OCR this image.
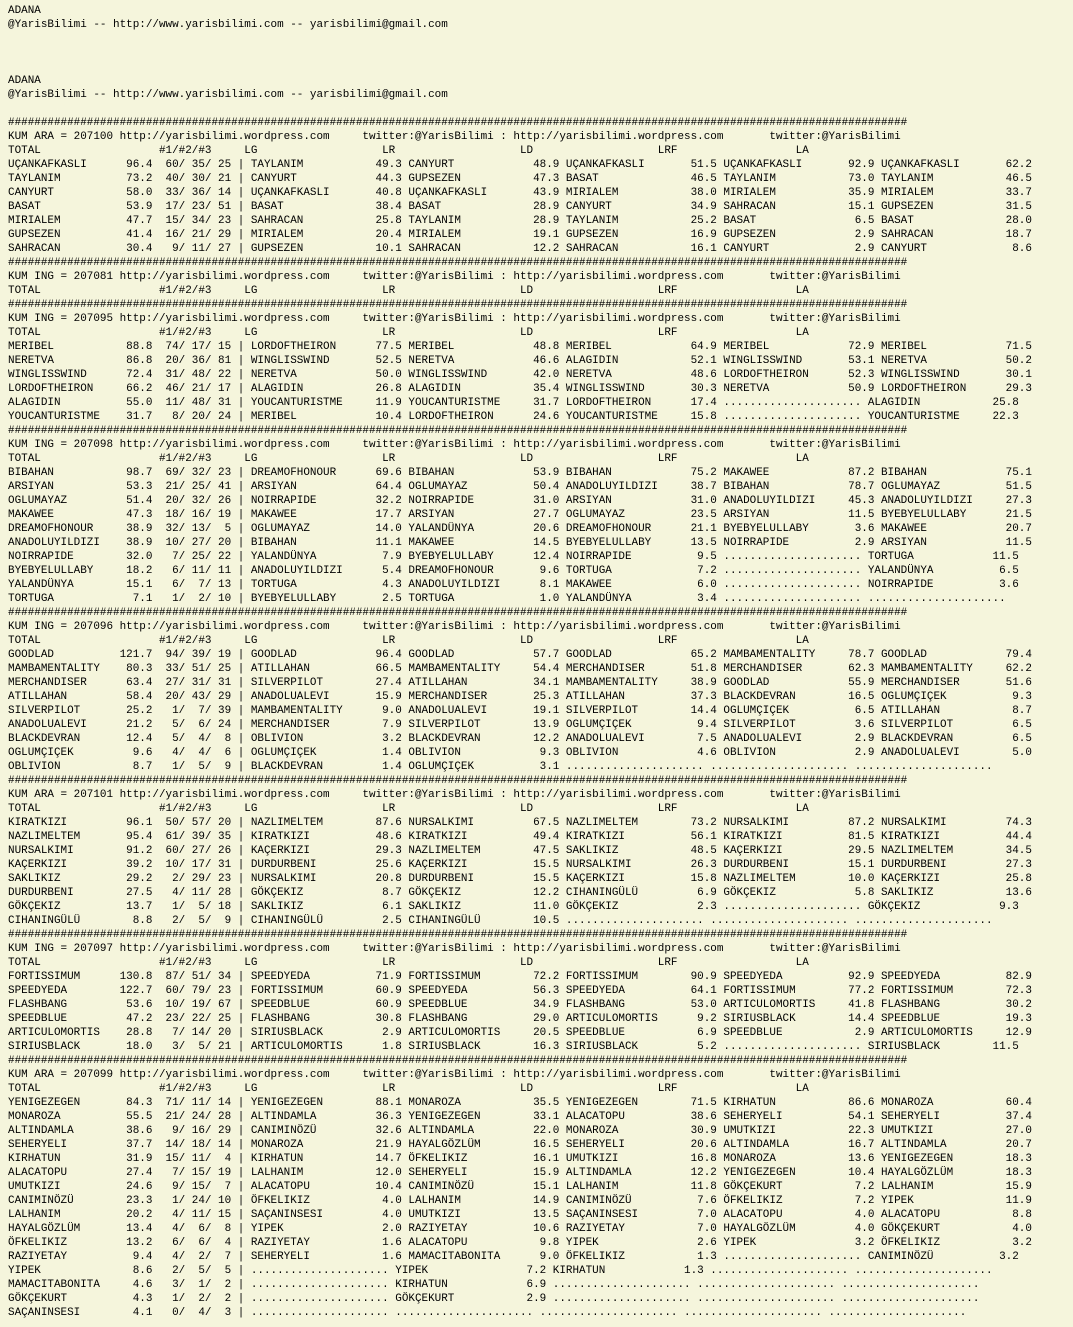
ADANA
@YarisBilimi -- http://www.yarisbilimi.com -- yarisbilimi@gmail.com

ADANA
@YarisBilimi -- http://www.yarisbilimi.com -- yarisbilimi@gmail.com

#########################################################################################################################################
KUM ARA = 207100 http://yarisbilimi.wordpress.com     twitter:@YarisBilimi : http://yarisbilimi.wordpress.com       twitter:@YarisBilimi
TOTAL                  #1/#2/#3     LG                   LR                   LD                   LRF                  LA
UÇANKAFKASLI      96.4  60/ 35/ 25 | TAYLANIM           49.3 CANYURT            48.9 UÇANKAFKASLI       51.5 UÇANKAFKASLI       92.9 UÇANKAFKASLI       62.2
TAYLANIM          73.2  40/ 30/ 21 | CANYURT            44.3 GUPSEZEN           47.3 BASAT              46.5 TAYLANIM           73.0 TAYLANIM           46.5
CANYURT           58.0  33/ 36/ 14 | UÇANKAFKASLI       40.8 UÇANKAFKASLI       43.9 MIRIALEM           38.0 MIRIALEM           35.9 MIRIALEM           33.7
BASAT             53.9  17/ 23/ 51 | BASAT              38.4 BASAT              28.9 CANYURT            34.9 SAHRACAN           15.1 GUPSEZEN           31.5
MIRIALEM          47.7  15/ 34/ 23 | SAHRACAN           25.8 TAYLANIM           28.9 TAYLANIM           25.2 BASAT               6.5 BASAT              28.0
GUPSEZEN          41.4  16/ 21/ 29 | MIRIALEM           20.4 MIRIALEM           19.1 GUPSEZEN           16.9 GUPSEZEN            2.9 SAHRACAN           18.7
SAHRACAN          30.4   9/ 11/ 27 | GUPSEZEN           10.1 SAHRACAN           12.2 SAHRACAN           16.1 CANYURT             2.9 CANYURT             8.6
#########################################################################################################################################
KUM ING = 207081 http://yarisbilimi.wordpress.com     twitter:@YarisBilimi : http://yarisbilimi.wordpress.com       twitter:@YarisBilimi
TOTAL                  #1/#2/#3     LG                   LR                   LD                   LRF                  LA
#########################################################################################################################################
KUM ING = 207095 http://yarisbilimi.wordpress.com     twitter:@YarisBilimi : http://yarisbilimi.wordpress.com       twitter:@YarisBilimi
TOTAL                  #1/#2/#3     LG                   LR                   LD                   LRF                  LA
MERIBEL           88.8  74/ 17/ 15 | LORDOFTHEIRON      77.5 MERIBEL            48.8 MERIBEL            64.9 MERIBEL            72.9 MERIBEL            71.5
NERETVA           86.8  20/ 36/ 81 | WINGLISSWIND       52.5 NERETVA            46.6 ALAGIDIN           52.1 WINGLISSWIND       53.1 NERETVA            50.2
WINGLISSWIND      72.4  31/ 48/ 22 | NERETVA            50.0 WINGLISSWIND       42.0 NERETVA            48.6 LORDOFTHEIRON      52.3 WINGLISSWIND       30.1
LORDOFTHEIRON     66.2  46/ 21/ 17 | ALAGIDIN           26.8 ALAGIDIN           35.4 WINGLISSWIND       30.3 NERETVA            50.9 LORDOFTHEIRON      29.3
ALAGIDIN          55.0  11/ 48/ 31 | YOUCANTURISTME     11.9 YOUCANTURISTME     31.7 LORDOFTHEIRON      17.4 ..................... ALAGIDIN           25.8
YOUCANTURISTME    31.7   8/ 20/ 24 | MERIBEL            10.4 LORDOFTHEIRON      24.6 YOUCANTURISTME     15.8 ..................... YOUCANTURISTME     22.3
#########################################################################################################################################
KUM ING = 207098 http://yarisbilimi.wordpress.com     twitter:@YarisBilimi : http://yarisbilimi.wordpress.com       twitter:@YarisBilimi
TOTAL                  #1/#2/#3     LG                   LR                   LD                   LRF                  LA
BIBAHAN           98.7  69/ 32/ 23 | DREAMOFHONOUR      69.6 BIBAHAN            53.9 BIBAHAN            75.2 MAKAWEE            87.2 BIBAHAN            75.1
ARSIYAN           53.3  21/ 25/ 41 | ARSIYAN            64.4 OGLUMAYAZ          50.4 ANADOLUYILDIZI     38.7 BIBAHAN            78.7 OGLUMAYAZ          51.5
OGLUMAYAZ         51.4  20/ 32/ 26 | NOIRRAPIDE         32.2 NOIRRAPIDE         31.0 ARSIYAN            31.0 ANADOLUYILDIZI     45.3 ANADOLUYILDIZI     27.3
MAKAWEE           47.3  18/ 16/ 19 | MAKAWEE            17.7 ARSIYAN            27.7 OGLUMAYAZ          23.5 ARSIYAN            11.5 BYEBYELULLABY      21.5
DREAMOFHONOUR     38.9  32/ 13/  5 | OGLUMAYAZ          14.0 YALANDÜNYA         20.6 DREAMOFHONOUR      21.1 BYEBYELULLABY       3.6 MAKAWEE            20.7
ANADOLUYILDIZI    38.9  10/ 27/ 20 | BIBAHAN            11.1 MAKAWEE            14.5 BYEBYELULLABY      13.5 NOIRRAPIDE          2.9 ARSIYAN            11.5
NOIRRAPIDE        32.0   7/ 25/ 22 | YALANDÜNYA          7.9 BYEBYELULLABY      12.4 NOIRRAPIDE          9.5 ..................... TORTUGA            11.5
BYEBYELULLABY     18.2   6/ 11/ 11 | ANADOLUYILDIZI      5.4 DREAMOFHONOUR       9.6 TORTUGA             7.2 ..................... YALANDÜNYA          6.5
YALANDÜNYA        15.1   6/  7/ 13 | TORTUGA             4.3 ANADOLUYILDIZI      8.1 MAKAWEE             6.0 ..................... NOIRRAPIDE          3.6
TORTUGA            7.1   1/  2/ 10 | BYEBYELULLABY       2.5 TORTUGA             1.0 YALANDÜNYA          3.4 ..................... .....................
#########################################################################################################################################
KUM ING = 207096 http://yarisbilimi.wordpress.com     twitter:@YarisBilimi : http://yarisbilimi.wordpress.com       twitter:@YarisBilimi
TOTAL                  #1/#2/#3     LG                   LR                   LD                   LRF                  LA
GOODLAD          121.7  94/ 39/ 19 | GOODLAD            96.4 GOODLAD            57.7 GOODLAD            65.2 MAMBAMENTALITY     78.7 GOODLAD            79.4
MAMBAMENTALITY    80.3  33/ 51/ 25 | ATILLAHAN          66.5 MAMBAMENTALITY     54.4 MERCHANDISER       51.8 MERCHANDISER       62.3 MAMBAMENTALITY     62.2
MERCHANDISER      63.4  27/ 31/ 31 | SILVERPILOT        27.4 ATILLAHAN          34.1 MAMBAMENTALITY     38.9 GOODLAD            55.9 MERCHANDISER       51.6
ATILLAHAN         58.4  20/ 43/ 29 | ANADOLUALEVI       15.9 MERCHANDISER       25.3 ATILLAHAN          37.3 BLACKDEVRAN        16.5 OGLUMÇIÇEK          9.3
SILVERPILOT       25.2   1/  7/ 39 | MAMBAMENTALITY      9.0 ANADOLUALEVI       19.1 SILVERPILOT        14.4 OGLUMÇIÇEK          6.5 ATILLAHAN           8.7
ANADOLUALEVI      21.2   5/  6/ 24 | MERCHANDISER        7.9 SILVERPILOT        13.9 OGLUMÇIÇEK          9.4 SILVERPILOT         3.6 SILVERPILOT         6.5
BLACKDEVRAN       12.4   5/  4/  8 | OBLIVION            3.2 BLACKDEVRAN        12.2 ANADOLUALEVI        7.5 ANADOLUALEVI        2.9 BLACKDEVRAN         6.5
OGLUMÇIÇEK         9.6   4/  4/  6 | OGLUMÇIÇEK          1.4 OBLIVION            9.3 OBLIVION            4.6 OBLIVION            2.9 ANADOLUALEVI        5.0
OBLIVION           8.7   1/  5/  9 | BLACKDEVRAN         1.4 OGLUMÇIÇEK          3.1 ..................... ..................... .....................
#########################################################################################################################################
KUM ARA = 207101 http://yarisbilimi.wordpress.com     twitter:@YarisBilimi : http://yarisbilimi.wordpress.com       twitter:@YarisBilimi
TOTAL                  #1/#2/#3     LG                   LR                   LD                   LRF                  LA
KIRATKIZI         96.1  50/ 57/ 20 | NAZLIMELTEM        87.6 NURSALKIMI         67.5 NAZLIMELTEM        73.2 NURSALKIMI         87.2 NURSALKIMI         74.3
NAZLIMELTEM       95.4  61/ 39/ 35 | KIRATKIZI          48.6 KIRATKIZI          49.4 KIRATKIZI          56.1 KIRATKIZI          81.5 KIRATKIZI          44.4
NURSALKIMI        91.2  60/ 27/ 26 | KAÇERKIZI          29.3 NAZLIMELTEM        47.5 SAKLIKIZ           48.5 KAÇERKIZI          29.5 NAZLIMELTEM        34.5
KAÇERKIZI         39.2  10/ 17/ 31 | DURDURBENI         25.6 KAÇERKIZI          15.5 NURSALKIMI         26.3 DURDURBENI         15.1 DURDURBENI         27.3
SAKLIKIZ          29.2   2/ 29/ 23 | NURSALKIMI         20.8 DURDURBENI         15.5 KAÇERKIZI          15.8 NAZLIMELTEM        10.0 KAÇERKIZI          25.8
DURDURBENI        27.5   4/ 11/ 28 | GÖKÇEKIZ            8.7 GÖKÇEKIZ           12.2 CIHANINGÜLÜ         6.9 GÖKÇEKIZ            5.8 SAKLIKIZ           13.6
GÖKÇEKIZ          13.7   1/  5/ 18 | SAKLIKIZ            6.1 SAKLIKIZ           11.0 GÖKÇEKIZ            2.3 ..................... GÖKÇEKIZ            9.3
CIHANINGÜLÜ        8.8   2/  5/  9 | CIHANINGÜLÜ         2.5 CIHANINGÜLÜ        10.5 ..................... ..................... .....................
#########################################################################################################################################
KUM ING = 207097 http://yarisbilimi.wordpress.com     twitter:@YarisBilimi : http://yarisbilimi.wordpress.com       twitter:@YarisBilimi
TOTAL                  #1/#2/#3     LG                   LR                   LD                   LRF                  LA
FORTISSIMUM      130.8  87/ 51/ 34 | SPEEDYEDA          71.9 FORTISSIMUM        72.2 FORTISSIMUM        90.9 SPEEDYEDA          92.9 SPEEDYEDA          82.9
SPEEDYEDA        122.7  60/ 79/ 23 | FORTISSIMUM        60.9 SPEEDYEDA          56.3 SPEEDYEDA          64.1 FORTISSIMUM        77.2 FORTISSIMUM        72.3
FLASHBANG         53.6  10/ 19/ 67 | SPEEDBLUE          60.9 SPEEDBLUE          34.9 FLASHBANG          53.0 ARTICULOMORTIS     41.8 FLASHBANG          30.2
SPEEDBLUE         47.2  23/ 22/ 25 | FLASHBANG          30.8 FLASHBANG          29.0 ARTICULOMORTIS      9.2 SIRIUSBLACK        14.4 SPEEDBLUE          19.3
ARTICULOMORTIS    28.8   7/ 14/ 20 | SIRIUSBLACK         2.9 ARTICULOMORTIS     20.5 SPEEDBLUE           6.9 SPEEDBLUE           2.9 ARTICULOMORTIS     12.9
SIRIUSBLACK       18.0   3/  5/ 21 | ARTICULOMORTIS      1.8 SIRIUSBLACK        16.3 SIRIUSBLACK         5.2 ..................... SIRIUSBLACK        11.5
#########################################################################################################################################
KUM ARA = 207099 http://yarisbilimi.wordpress.com     twitter:@YarisBilimi : http://yarisbilimi.wordpress.com       twitter:@YarisBilimi
TOTAL                  #1/#2/#3     LG                   LR                   LD                   LRF                  LA
YENIGEZEGEN       84.3  71/ 11/ 14 | YENIGEZEGEN        88.1 MONAROZA           35.5 YENIGEZEGEN        71.5 KIRHATUN           86.6 MONAROZA           60.4
MONAROZA          55.5  21/ 24/ 28 | ALTINDAMLA         36.3 YENIGEZEGEN        33.1 ALACATOPU          38.6 SEHERYELI          54.1 SEHERYELI          37.4
ALTINDAMLA        38.6   9/ 16/ 29 | CANIMINÖZÜ         32.6 ALTINDAMLA         22.0 MONAROZA           30.9 UMUTKIZI           22.3 UMUTKIZI           27.0
SEHERYELI         37.7  14/ 18/ 14 | MONAROZA           21.9 HAYALGÖZLÜM        16.5 SEHERYELI          20.6 ALTINDAMLA         16.7 ALTINDAMLA         20.7
KIRHATUN          31.9  15/ 11/  4 | KIRHATUN           14.7 ÖFKELIKIZ          16.1 UMUTKIZI           16.8 MONAROZA           13.6 YENIGEZEGEN        18.3
ALACATOPU         27.4   7/ 15/ 19 | LALHANIM           12.0 SEHERYELI          15.9 ALTINDAMLA         12.2 YENIGEZEGEN        10.4 HAYALGÖZLÜM        18.3
UMUTKIZI          24.6   9/ 15/  7 | ALACATOPU          10.4 CANIMINÖZÜ         15.1 LALHANIM           11.8 GÖKÇEKURT           7.2 LALHANIM           15.9
CANIMINÖZÜ        23.3   1/ 24/ 10 | ÖFKELIKIZ           4.0 LALHANIM           14.9 CANIMINÖZÜ          7.6 ÖFKELIKIZ           7.2 YIPEK              11.9
LALHANIM          20.2   4/ 11/ 15 | SAÇANINSESI         4.0 UMUTKIZI           13.5 SAÇANINSESI         7.0 ALACATOPU           4.0 ALACATOPU           8.8
HAYALGÖZLÜM       13.4   4/  6/  8 | YIPEK               2.0 RAZIYETAY          10.6 RAZIYETAY           7.0 HAYALGÖZLÜM         4.0 GÖKÇEKURT           4.0
ÖFKELIKIZ         13.2   6/  6/  4 | RAZIYETAY           1.6 ALACATOPU           9.8 YIPEK               2.6 YIPEK               3.2 ÖFKELIKIZ           3.2
RAZIYETAY          9.4   4/  2/  7 | SEHERYELI           1.6 MAMACITABONITA      9.0 ÖFKELIKIZ           1.3 ..................... CANIMINÖZÜ          3.2
YIPEK              8.6   2/  5/  5 | ..................... YIPEK               7.2 KIRHATUN            1.3 ..................... .....................
MAMACITABONITA     4.6   3/  1/  2 | ..................... KIRHATUN            6.9 ..................... ..................... .....................
GÖKÇEKURT          4.3   1/  2/  2 | ..................... GÖKÇEKURT           2.9 ..................... ..................... .....................
SAÇANINSESI        4.1   0/  4/  3 | ..................... ..................... ..................... ..................... .....................
